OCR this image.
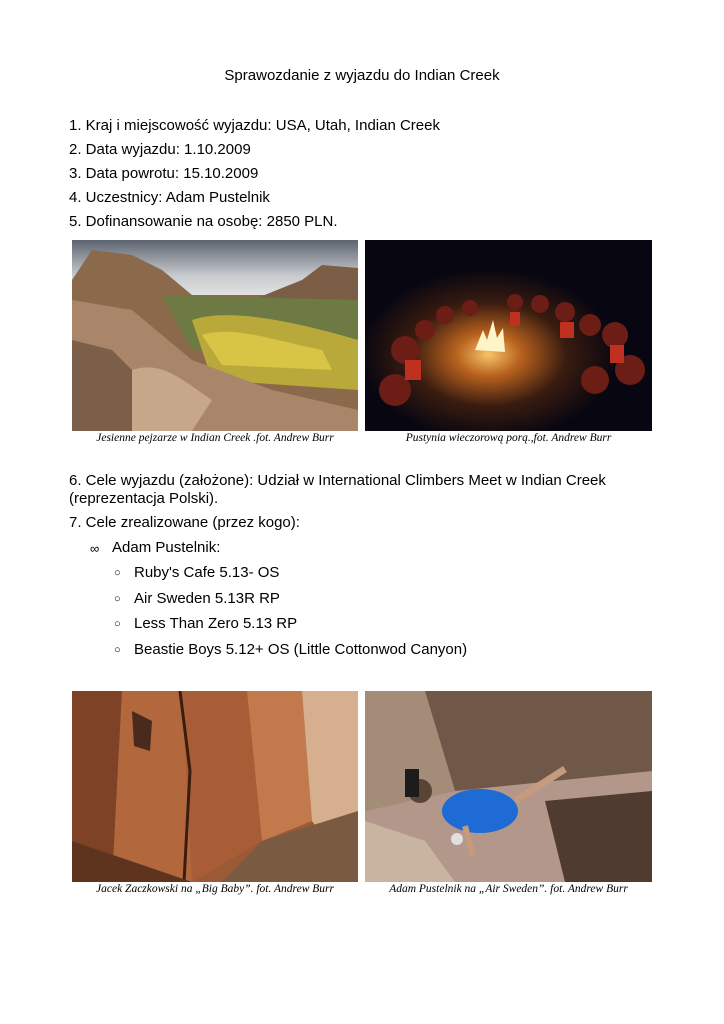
Sprawozdanie z wyjazdu do Indian Creek
1. Kraj i miejscowość wyjazdu: USA, Utah, Indian Creek
2. Data wyjazdu: 1.10.2009
3. Data powrotu: 15.10.2009
4. Uczestnicy: Adam Pustelnik
5. Dofinansowanie na osobę: 2850 PLN.
Jesienne pejzarze w Indian Creek .fot. Andrew Burr	Pustynia wieczorową porą.,fot. Andrew Burr
6. Cele wyjazdu (założone): Udział w International Climbers Meet w Indian Creek (reprezentacja Polski).
7. Cele zrealizowane (przez kogo):
∞ Adam Pustelnik:
○ Ruby's Cafe 5.13- OS
○ Air Sweden 5.13R RP
○ Less Than Zero 5.13 RP
○ Beastie Boys 5.12+ OS (Little Cottonwod Canyon)
Jacek Zaczkowski na „Big Baby”. fot. Andrew Burr	Adam Pustelnik na „Air Sweden”. fot. Andrew Burr
